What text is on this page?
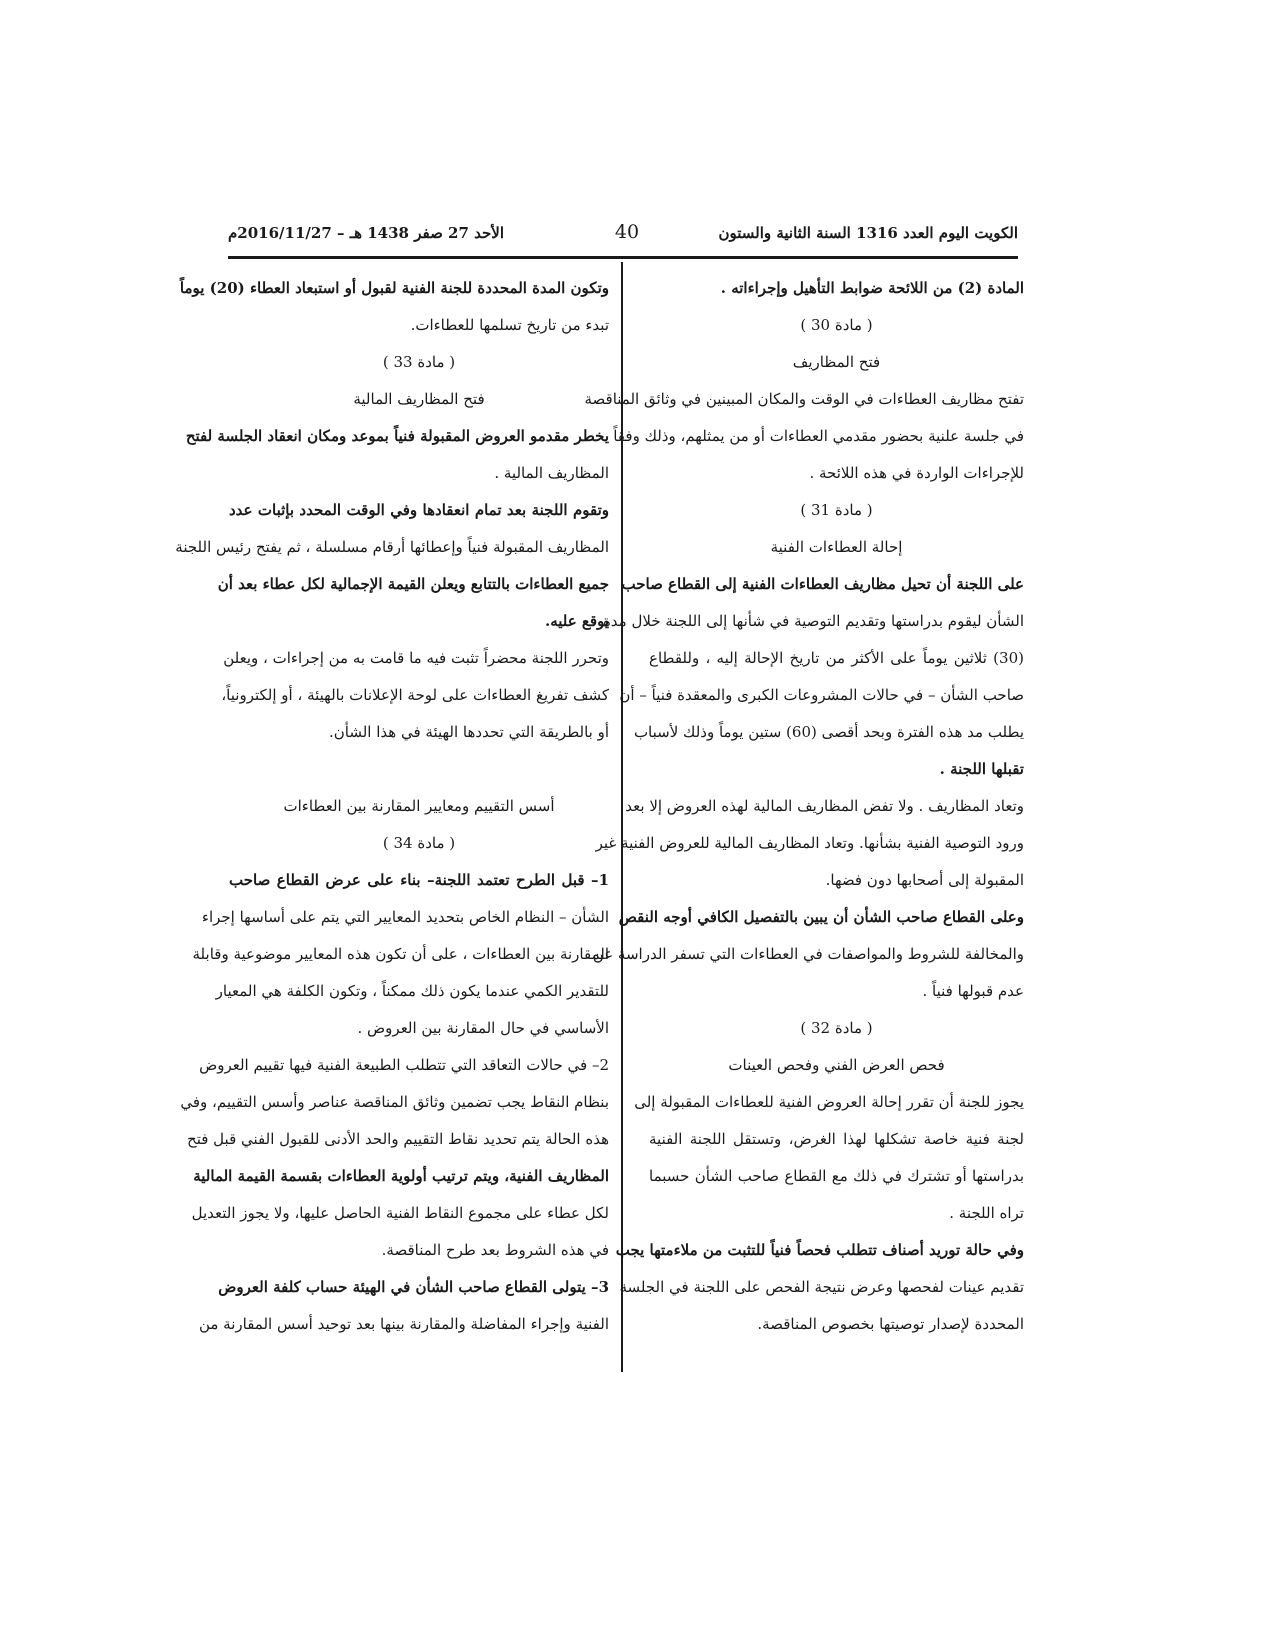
الكويت اليوم العدد 1316 السنة الثانية والستون
40
الأحد 27 صفر 1438 هـ – 2016/11/27م
المادة (2) من اللائحة ضوابط التأهيل وإجراءاته .
( مادة 30 )
فتح المظاريف
تفتح مظاريف العطاءات في الوقت والمكان المبينين في وثائق المناقصة
في جلسة علنية بحضور مقدمي العطاءات أو من يمثلهم، وذلك وفقاً
للإجراءات الواردة في هذه اللائحة .
( مادة 31 )
إحالة العطاءات الفنية
على اللجنة أن تحيل مظاريف العطاءات الفنية إلى القطاع صاحب
الشأن ليقوم بدراستها وتقديم التوصية في شأنها إلى اللجنة خلال مدة
(30) ثلاثين يوماً على الأكثر من تاريخ الإحالة إليه ، وللقطاع
صاحب الشأن – في حالات المشروعات الكبرى والمعقدة فنياً – أن
يطلب مد هذه الفترة وبحد أقصى (60) ستين يوماً وذلك لأسباب
تقبلها اللجنة .
وتعاد المظاريف . ولا تفض المظاريف المالية لهذه العروض إلا بعد
ورود التوصية الفنية بشأنها. وتعاد المظاريف المالية للعروض الفنية غير
المقبولة إلى أصحابها دون فضها.
وعلى القطاع صاحب الشأن أن يبين بالتفصيل الكافي أوجه النقص
والمخالفة للشروط والمواصفات في العطاءات التي تسفر الدراسة عن
عدم قبولها فنياً .
( مادة 32 )
فحص العرض الفني وفحص العينات
يجوز للجنة أن تقرر إحالة العروض الفنية للعطاءات المقبولة إلى
لجنة فنية خاصة تشكلها لهذا الغرض، وتستقل اللجنة الفنية
بدراستها أو تشترك في ذلك مع القطاع صاحب الشأن حسبما
تراه اللجنة .
وفي حالة توريد أصناف تتطلب فحصاً فنياً للتثبت من ملاءمتها يجب
تقديم عينات لفحصها وعرض نتيجة الفحص على اللجنة في الجلسة
المحددة لإصدار توصيتها بخصوص المناقصة.
وتكون المدة المحددة للجنة الفنية لقبول أو استبعاد العطاء (20) يوماً
تبدء من تاريخ تسلمها للعطاءات.
( مادة 33 )
فتح المظاريف المالية
يخطر مقدمو العروض المقبولة فنياً بموعد ومكان انعقاد الجلسة لفتح
المظاريف المالية .
وتقوم اللجنة بعد تمام انعقادها وفي الوقت المحدد بإثبات عدد
المظاريف المقبولة فنياً وإعطائها أرقام مسلسلة ، ثم يفتح رئيس اللجنة
جميع العطاءات بالتتابع ويعلن القيمة الإجمالية لكل عطاء بعد أن
يوقع عليه.
وتحرر اللجنة محضراً تثبت فيه ما قامت به من إجراءات ، ويعلن
كشف تفريغ العطاءات على لوحة الإعلانات بالهيئة ، أو إلكترونياً،
أو بالطريقة التي تحددها الهيئة في هذا الشأن.
أسس التقييم ومعايير المقارنة بين العطاءات
( مادة 34 )
1– قبل الطرح تعتمد اللجنة– بناء على عرض القطاع صاحب
الشأن – النظام الخاص بتحديد المعايير التي يتم على أساسها إجراء
المقارنة بين العطاءات ، على أن تكون هذه المعايير موضوعية وقابلة
للتقدير الكمي عندما يكون ذلك ممكناً ، وتكون الكلفة هي المعيار
الأساسي في حال المقارنة بين العروض .
2– في حالات التعاقد التي تتطلب الطبيعة الفنية فيها تقييم العروض
بنظام النقاط يجب تضمين وثائق المناقصة عناصر وأسس التقييم، وفي
هذه الحالة يتم تحديد نقاط التقييم والحد الأدنى للقبول الفني قبل فتح
المظاريف الفنية، ويتم ترتيب أولوية العطاءات بقسمة القيمة المالية
لكل عطاء على مجموع النقاط الفنية الحاصل عليها، ولا يجوز التعديل
في هذه الشروط بعد طرح المناقصة.
3– يتولى القطاع صاحب الشأن في الهيئة حساب كلفة العروض
الفنية وإجراء المفاضلة والمقارنة بينها بعد توحيد أسس المقارنة من
